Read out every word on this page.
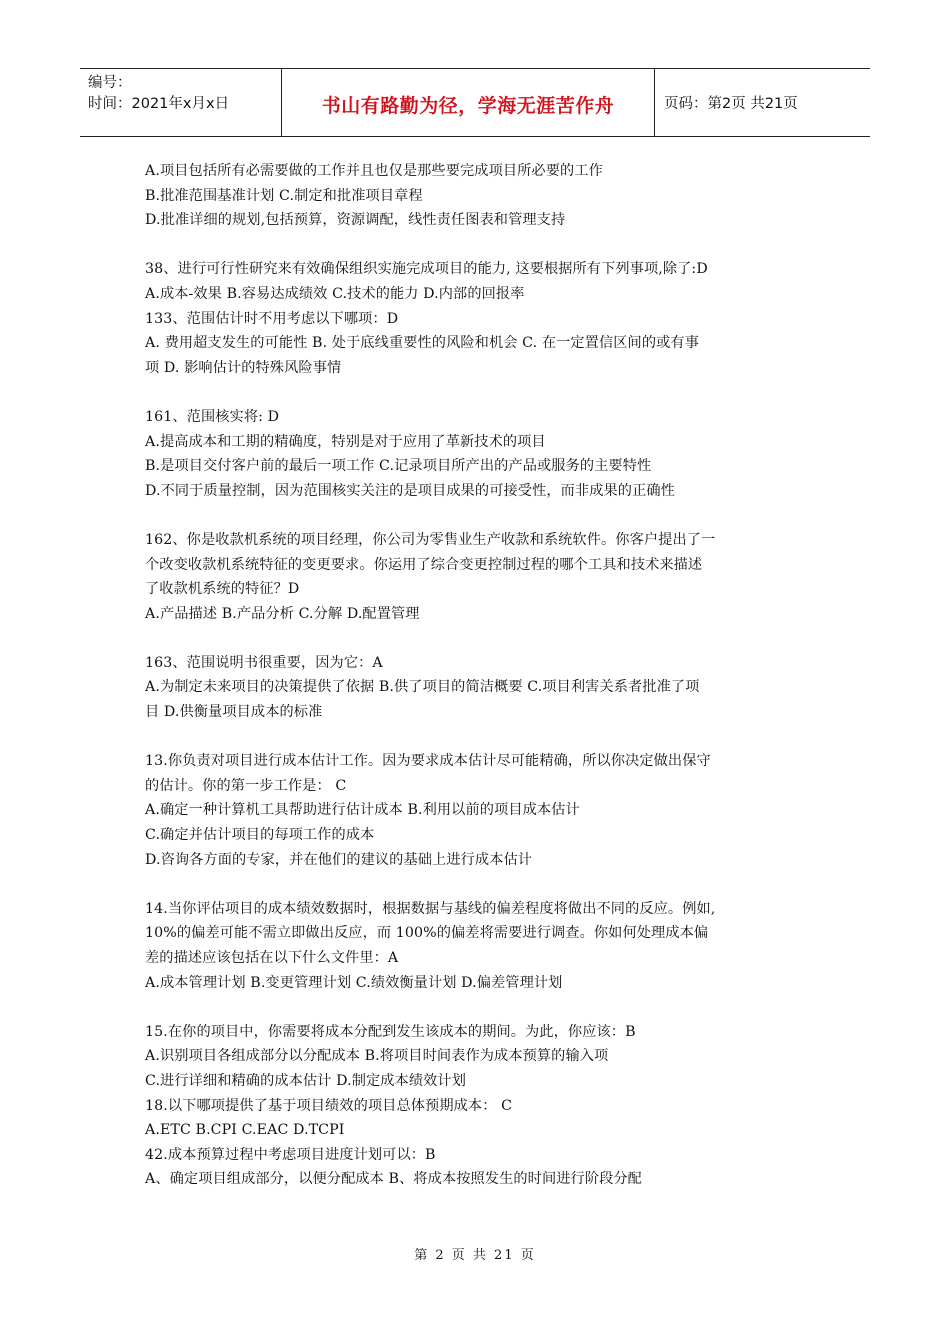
编号：
时间：2021年x月x日	书山有路勤为径，学海无涯苦作舟	页码：第2页 共21页
A.项目包括所有必需要做的工作并且也仅是那些要完成项目所必要的工作
B.批准范围基准计划 C.制定和批准项目章程
D.批准详细的规划,包括预算，资源调配，线性责任图表和管理支持
38、进行可行性研究来有效确保组织实施完成项目的能力, 这要根据所有下列事项,除了:D
A.成本-效果 B.容易达成绩效 C.技术的能力 D.内部的回报率
133、范围估计时不用考虑以下哪项：D
A. 费用超支发生的可能性 B. 处于底线重要性的风险和机会 C. 在一定置信区间的或有事
项 D. 影响估计的特殊风险事情
161、范围核实将: D
A.提高成本和工期的精确度，特别是对于应用了革新技术的项目
B.是项目交付客户前的最后一项工作 C.记录项目所产出的产品或服务的主要特性
D.不同于质量控制，因为范围核实关注的是项目成果的可接受性，而非成果的正确性
162、你是收款机系统的项目经理，你公司为零售业生产收款和系统软件。你客户提出了一
个改变收款机系统特征的变更要求。你运用了综合变更控制过程的哪个工具和技术来描述
了收款机系统的特征？D
A.产品描述 B.产品分析 C.分解 D.配置管理
163、范围说明书很重要，因为它：A
A.为制定未来项目的决策提供了依据 B.供了项目的简洁概要 C.项目利害关系者批准了项
目 D.供衡量项目成本的标准
13.你负责对项目进行成本估计工作。因为要求成本估计尽可能精确，所以你决定做出保守
的估计。你的第一步工作是： C
A.确定一种计算机工具帮助进行估计成本 B.利用以前的项目成本估计
C.确定并估计项目的每项工作的成本
D.咨询各方面的专家，并在他们的建议的基础上进行成本估计
14.当你评估项目的成本绩效数据时，根据数据与基线的偏差程度将做出不同的反应。例如,
10%的偏差可能不需立即做出反应，而 100%的偏差将需要进行调查。你如何处理成本偏
差的描述应该包括在以下什么文件里：A
A.成本管理计划 B.变更管理计划 C.绩效衡量计划 D.偏差管理计划
15.在你的项目中，你需要将成本分配到发生该成本的期间。为此，你应该：B
A.识别项目各组成部分以分配成本 B.将项目时间表作为成本预算的输入项
C.进行详细和精确的成本估计 D.制定成本绩效计划
18.以下哪项提供了基于项目绩效的项目总体预期成本： C
A.ETC B.CPI C.EAC D.TCPI
42.成本预算过程中考虑项目进度计划可以：B
A、确定项目组成部分，以便分配成本 B、将成本按照发生的时间进行阶段分配
第 2 页 共 21 页
